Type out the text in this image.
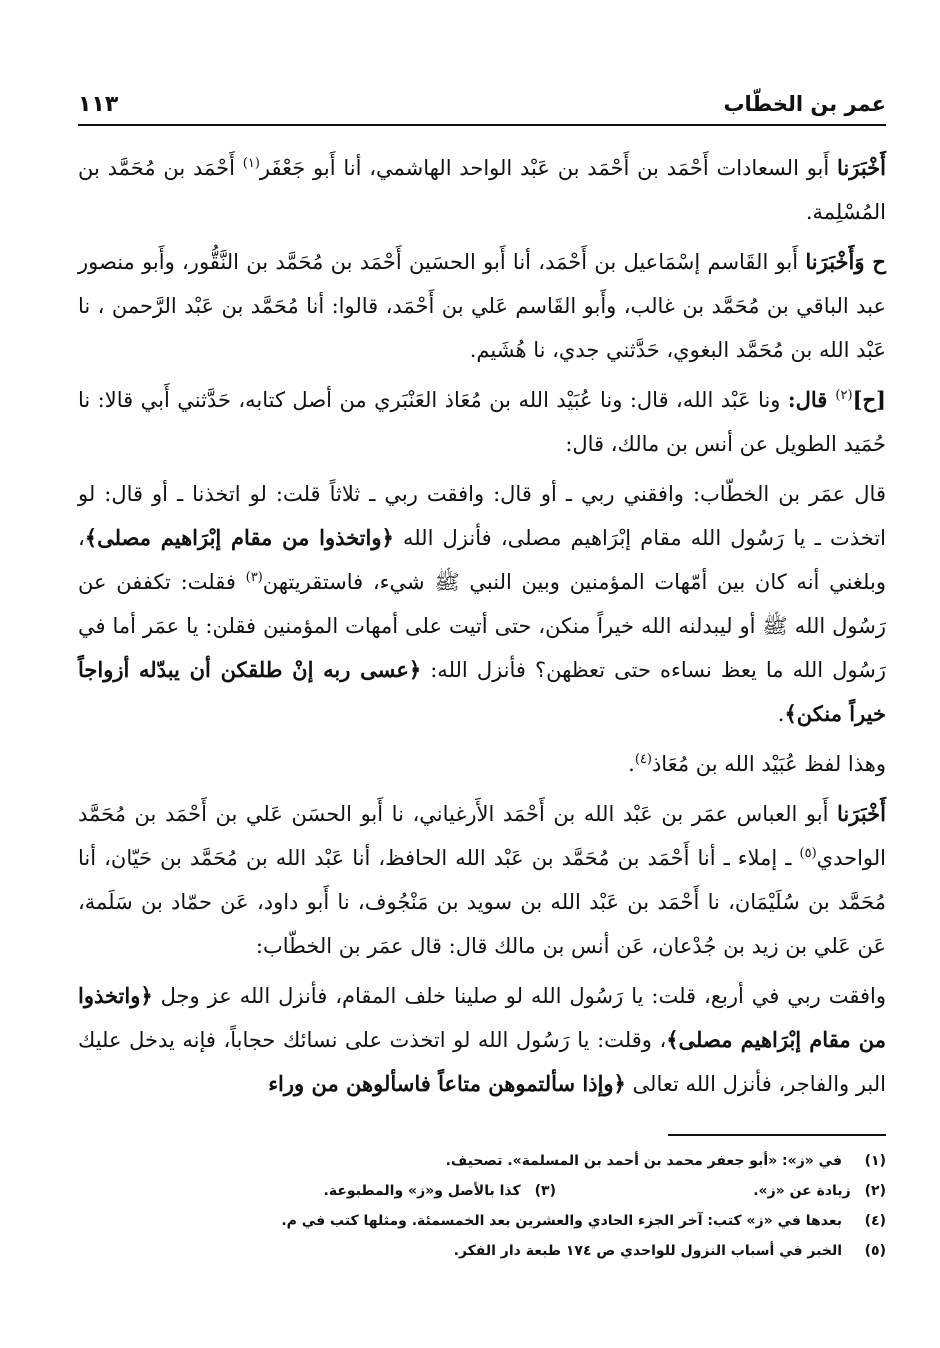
عمر بن الخطّاب
١١٣

أَخْبَرَنا أَبو السعادات أَحْمَد بن أَحْمَد بن عَبْد الواحد الهاشمي، أنا أَبو جَعْفَر$^{(١)}$ أَحْمَد بن مُحَمَّد بن المُسْلِمة.

ح وَأَخْبَرَنا أَبو القَاسم إسْمَاعيل بن أَحْمَد، أنا أَبو الحسَين أَحْمَد بن مُحَمَّد بن النَّقُّور، وأَبو منصور عبد الباقي بن مُحَمَّد بن غالب، وأَبو القَاسم عَلي بن أَحْمَد، قالوا: أنا مُحَمَّد بن عَبْد الرَّحمن ، نا عَبْد الله بن مُحَمَّد البغوي، حَدَّثني جدي، نا هُشَيم.

[ح]$^{(٢)}$ قال: ونا عَبْد الله، قال: ونا عُبَيْد الله بن مُعَاذ العَنْبَري من أصل كتابه، حَدَّثني أَبي قالا: نا حُمَيد الطويل عن أنس بن مالك، قال:

قال عمَر بن الخطّاب: وافقني ربي ـ أو قال: وافقت ربي ـ ثلاثاً قلت: لو اتخذنا ـ أو قال: لو اتخذت ـ يا رَسُول الله مقام إبْرَاهيم مصلى، فأنزل الله ﴿واتخذوا من مقام إبْرَاهيم مصلى﴾، وبلغني أنه كان بين أمّهات المؤمنين وبين النبي ﷺ شيء، فاستقريتهن$^{(٣)}$ فقلت: تكففن عن رَسُول الله ﷺ أو ليبدلنه الله خيراً منكن، حتى أتيت على أمهات المؤمنين فقلن: يا عمَر أما في رَسُول الله ما يعظ نساءه حتى تعظهن؟ فأنزل الله: ﴿عسى ربه إنْ طلقكن أن يبدّله أزواجاً خيراً منكن﴾.

وهذا لفظ عُبَيْد الله بن مُعَاذ$^{(٤)}$.

أَخْبَرَنا أَبو العباس عمَر بن عَبْد الله بن أَحْمَد الأَرغياني، نا أَبو الحسَن عَلي بن أَحْمَد بن مُحَمَّد الواحدي$^{(٥)}$ ـ إملاء ـ أنا أَحْمَد بن مُحَمَّد بن عَبْد الله الحافظ، أنا عَبْد الله بن مُحَمَّد بن حَيّان، أنا مُحَمَّد بن سُلَيْمَان، نا أَحْمَد بن عَبْد الله بن سويد بن مَنْجُوف، نا أَبو داود، عَن حمّاد بن سَلَمة، عَن عَلي بن زيد بن جُدْعان، عَن أنس بن مالك قال: قال عمَر بن الخطّاب:

وافقت ربي في أربع، قلت: يا رَسُول الله لو صلينا خلف المقام، فأنزل الله عز وجل ﴿واتخذوا من مقام إبْرَاهيم مصلى﴾، وقلت: يا رَسُول الله لو اتخذت على نسائك حجاباً، فإنه يدخل عليك البر والفاجر، فأنزل الله تعالى ﴿وإذا سألتموهن متاعاً فاسألوهن من وراء

(١)
في «ز»: «أبو جعفر محمد بن أحمد بن المسلمة». تصحيف.
(٢)
زيادة عن «ز».
(٣)
كذا بالأصل و«ز» والمطبوعة.
(٤)
بعدها في «ز» كتب: آخر الجزء الحادي والعشرين بعد الخمسمئة. ومثلها كتب في م.
(٥)
الخبر في أسباب النزول للواحدي ص ١٧٤ طبعة دار الفكر.
